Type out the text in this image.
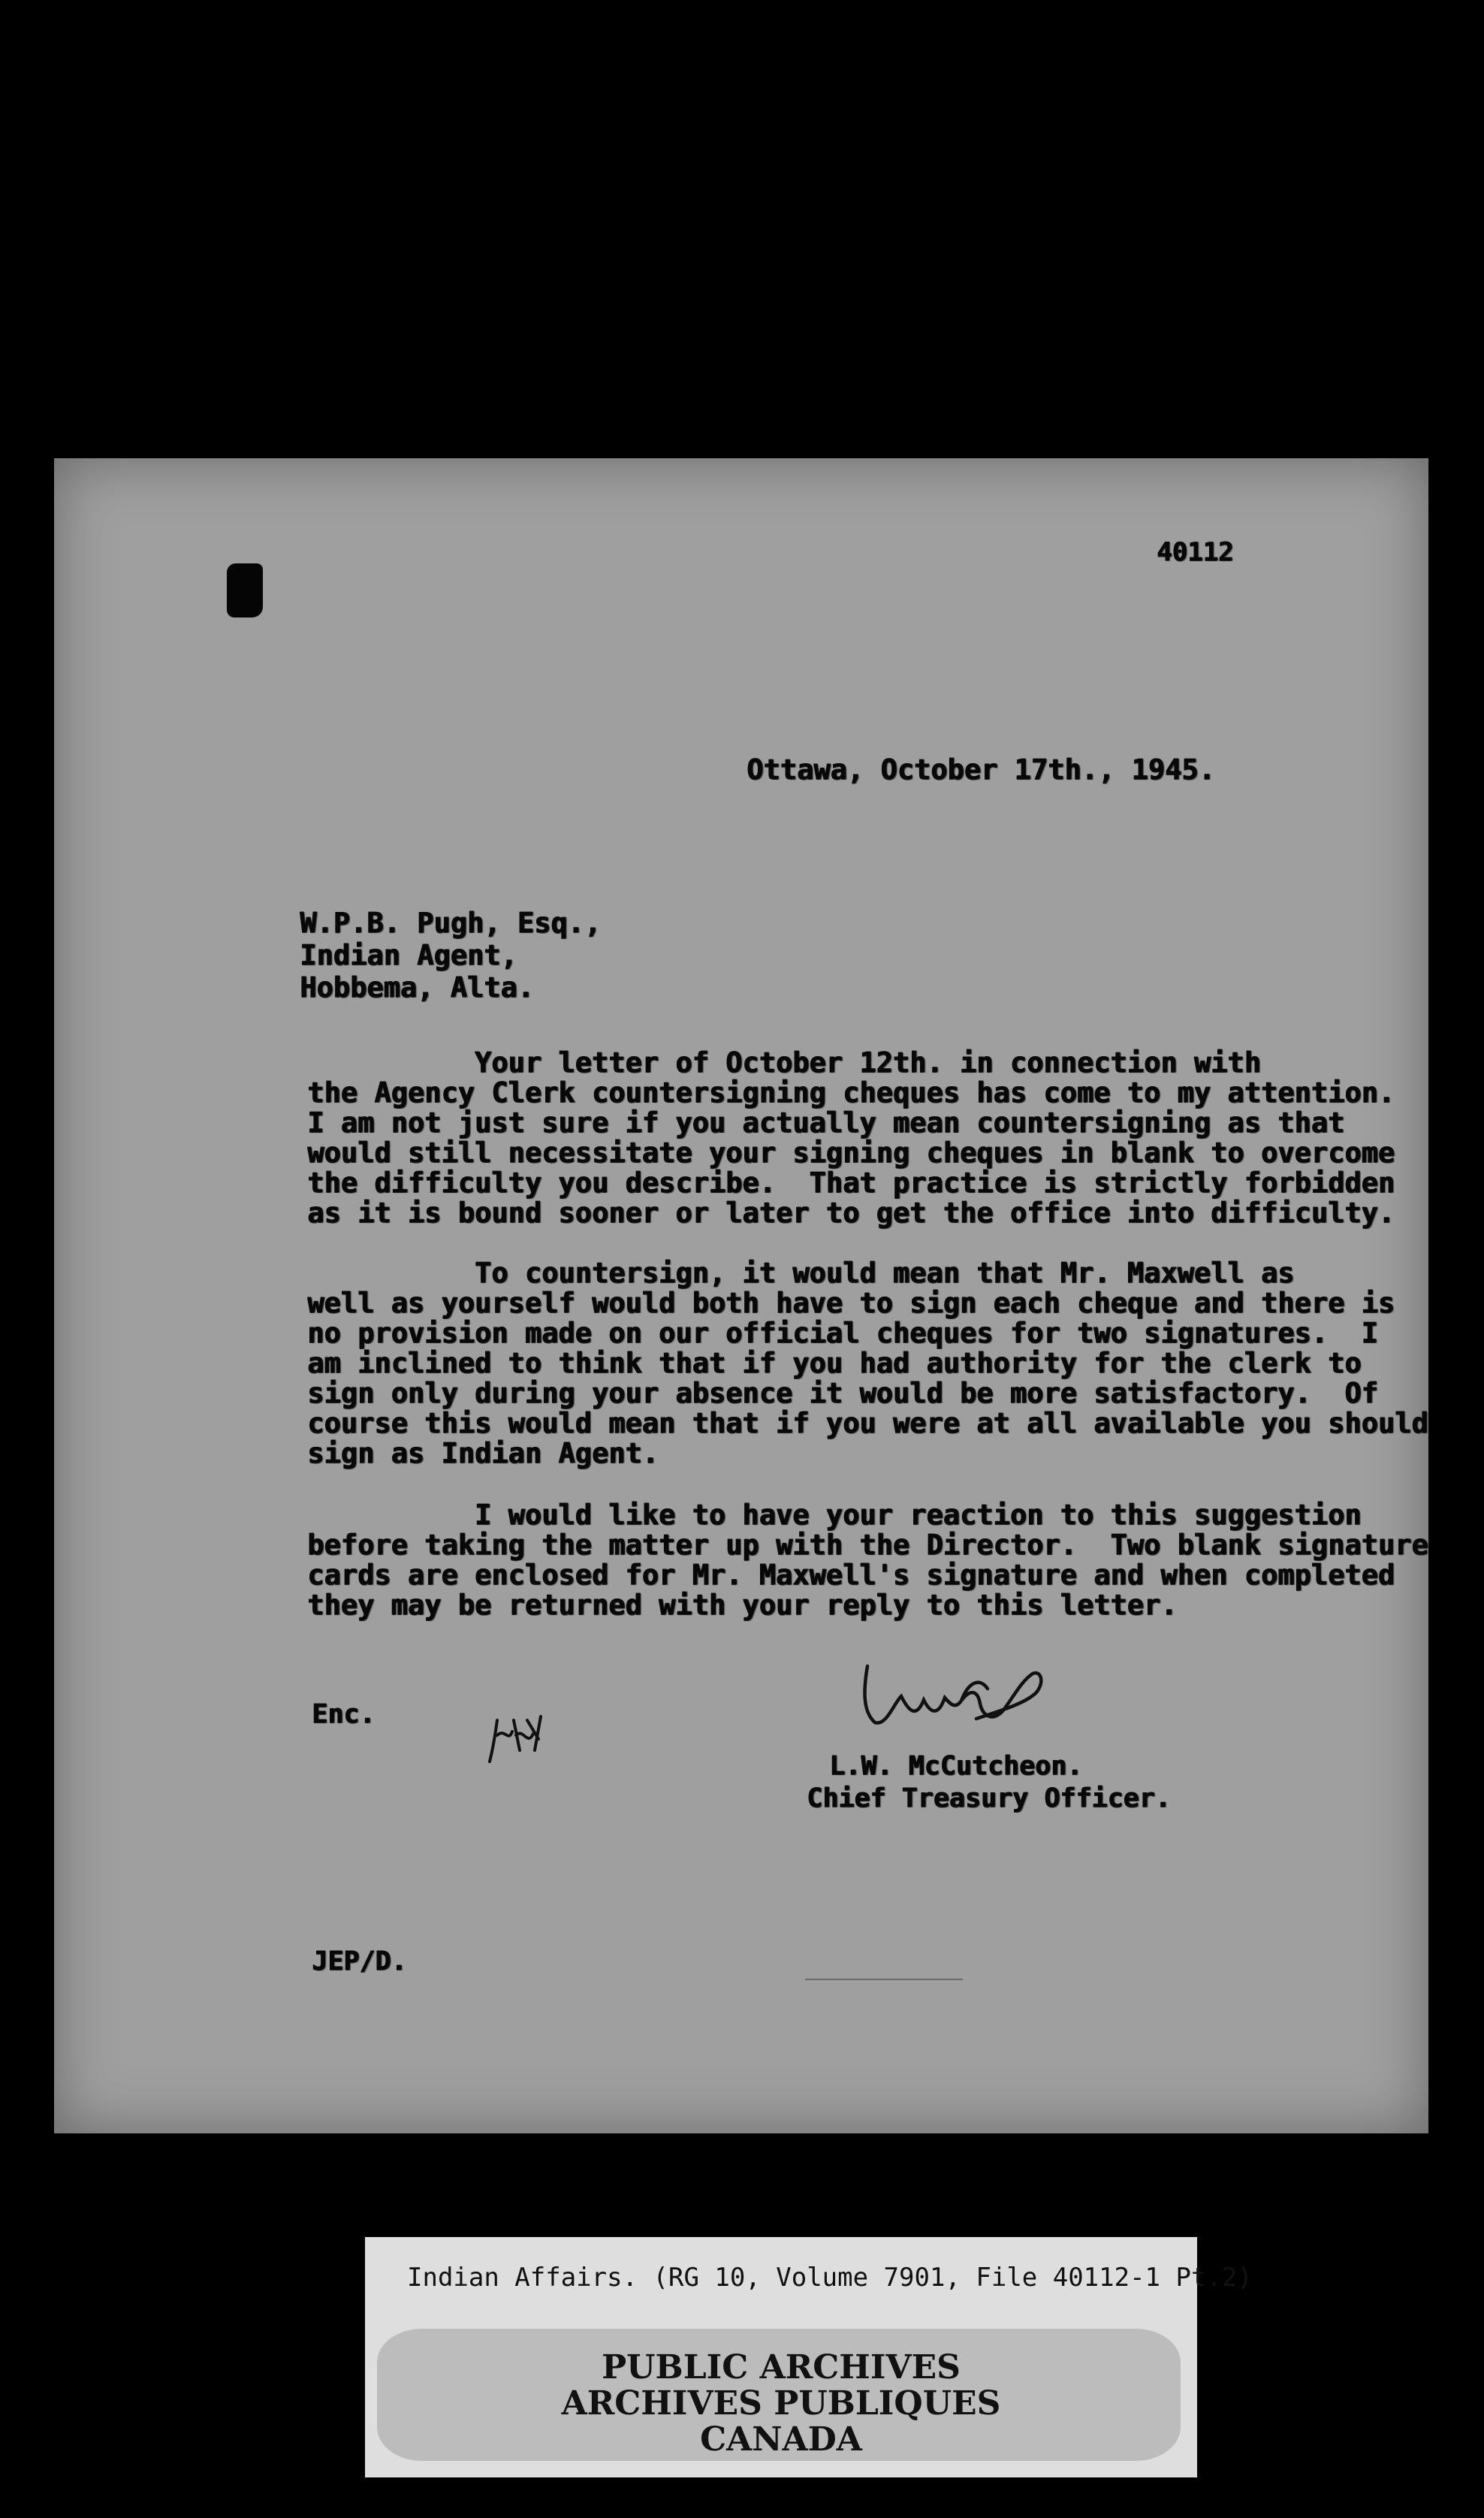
40112
Ottawa, October 17th., 1945.
W.P.B. Pugh, Esq.,
Indian Agent,
Hobbema, Alta.
Your letter of October 12th. in connection with
the Agency Clerk countersigning cheques has come to my attention.
I am not just sure if you actually mean countersigning as that
would still necessitate your signing cheques in blank to overcome
the difficulty you describe.  That practice is strictly forbidden
as it is bound sooner or later to get the office into difficulty.
To countersign, it would mean that Mr. Maxwell as
well as yourself would both have to sign each cheque and there is
no provision made on our official cheques for two signatures.  I
am inclined to think that if you had authority for the clerk to
sign only during your absence it would be more satisfactory.  Of
course this would mean that if you were at all available you should
sign as Indian Agent.
I would like to have your reaction to this suggestion
before taking the matter up with the Director.  Two blank signature
cards are enclosed for Mr. Maxwell's signature and when completed
they may be returned with your reply to this letter.
Enc.
L.W. McCutcheon.
Chief Treasury Officer.
JEP/D.
Indian Affairs. (RG 10, Volume 7901, File 40112-1 Pt.2)
PUBLIC ARCHIVES
ARCHIVES PUBLIQUES
CANADA
